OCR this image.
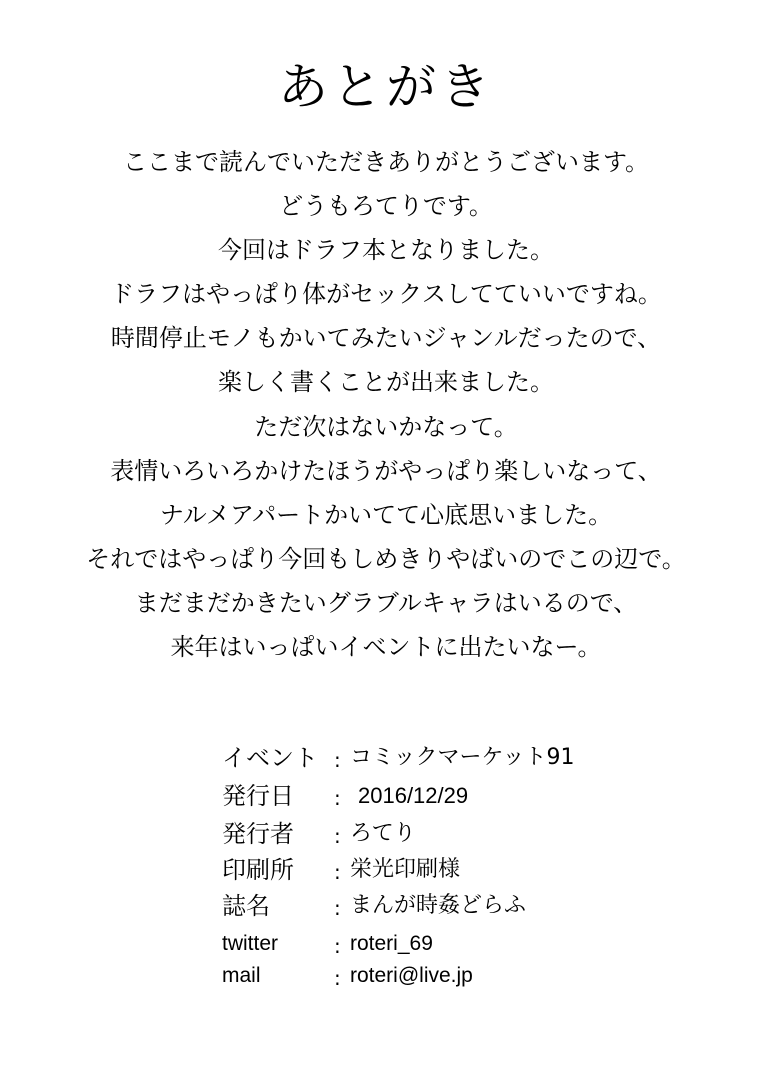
あとがき
ここまで読んでいただきありがとうございます。
どうもろてりです。
今回はドラフ本となりました。
ドラフはやっぱり体がセックスしてていいですね。
時間停止モノもかいてみたいジャンルだったので、
楽しく書くことが出来ました。
ただ次はないかなって。
表情いろいろかけたほうがやっぱり楽しいなって、
ナルメアパートかいてて心底思いました。
それではやっぱり今回もしめきりやばいのでこの辺で。
まだまだかきたいグラブルキャラはいるので、
来年はいっぱいイベントに出たいなー。
イベント : コミックマーケット91
発行日 : 2016/12/29
発行者 : ろてり
印刷所 : 栄光印刷様
誌名	: まんが時姦どらふ
twitter	: roteri_69
mail	: roteri@live.jp
